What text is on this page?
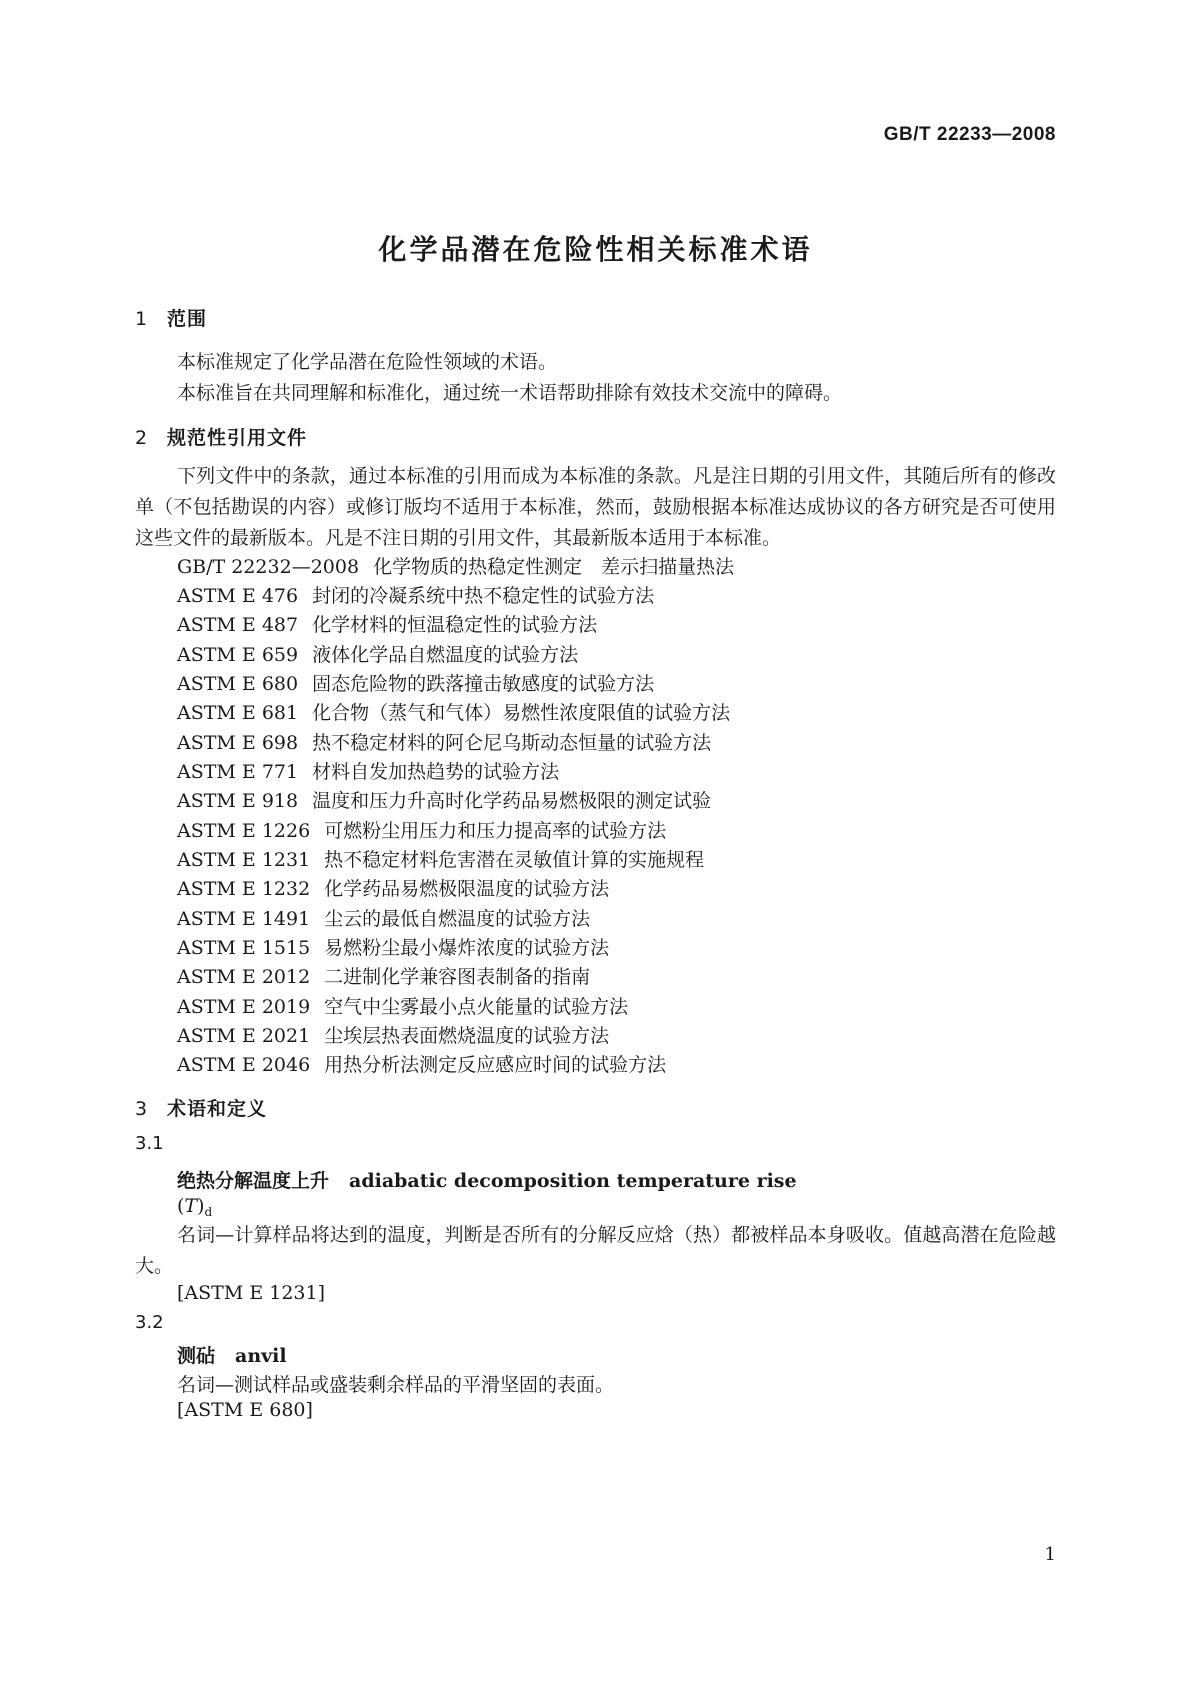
GB/T 22233—2008
化学品潜在危险性相关标准术语
1 范围
本标准规定了化学品潜在危险性领域的术语。
本标准旨在共同理解和标准化，通过统一术语帮助排除有效技术交流中的障碍。
2 规范性引用文件
下列文件中的条款，通过本标准的引用而成为本标准的条款。凡是注日期的引用文件，其随后所有的修改单（不包括勘误的内容）或修订版均不适用于本标准，然而，鼓励根据本标准达成协议的各方研究是否可使用这些文件的最新版本。凡是不注日期的引用文件，其最新版本适用于本标准。
GB/T 22232—2008 化学物质的热稳定性测定　差示扫描量热法
ASTM E 476 封闭的冷凝系统中热不稳定性的试验方法
ASTM E 487 化学材料的恒温稳定性的试验方法
ASTM E 659 液体化学品自燃温度的试验方法
ASTM E 680 固态危险物的跌落撞击敏感度的试验方法
ASTM E 681 化合物（蒸气和气体）易燃性浓度限值的试验方法
ASTM E 698 热不稳定材料的阿仑尼乌斯动态恒量的试验方法
ASTM E 771 材料自发加热趋势的试验方法
ASTM E 918 温度和压力升高时化学药品易燃极限的测定试验
ASTM E 1226 可燃粉尘用压力和压力提高率的试验方法
ASTM E 1231 热不稳定材料危害潜在灵敏值计算的实施规程
ASTM E 1232 化学药品易燃极限温度的试验方法
ASTM E 1491 尘云的最低自燃温度的试验方法
ASTM E 1515 易燃粉尘最小爆炸浓度的试验方法
ASTM E 2012 二进制化学兼容图表制备的指南
ASTM E 2019 空气中尘雾最小点火能量的试验方法
ASTM E 2021 尘埃层热表面燃烧温度的试验方法
ASTM E 2046 用热分析法测定反应感应时间的试验方法
3 术语和定义
3.1
绝热分解温度上升 adiabatic decomposition temperature rise
$(T)_d$
名词—计算样品将达到的温度，判断是否所有的分解反应焓（热）都被样品本身吸收。值越高潜在危险越大。
[ASTM E 1231]
3.2
测砧 anvil
名词—测试样品或盛装剩余样品的平滑坚固的表面。
[ASTM E 680]
1
